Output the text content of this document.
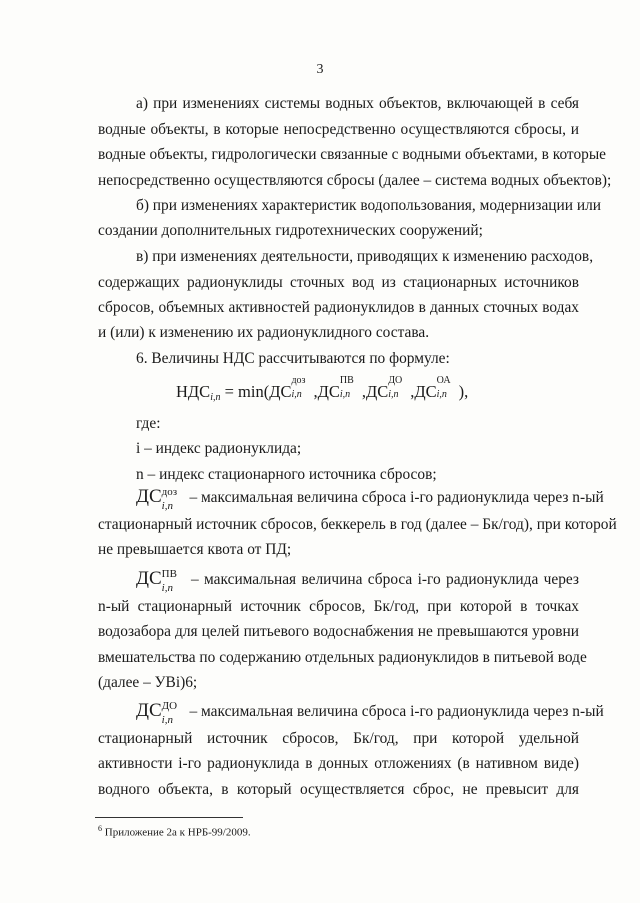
3
а) при изменениях системы водных объектов, включающей в себя
водные объекты, в которые непосредственно осуществляются сбросы, и
водные объекты, гидрологически связанные с водными объектами, в которые
непосредственно осуществляются сбросы (далее – система водных объектов);
б) при изменениях характеристик водопользования, модернизации или
создании дополнительных гидротехнических сооружений;
в) при изменениях деятельности, приводящих к изменению расходов,
содержащих радионуклиды сточных вод из стационарных источников
сбросов, объемных активностей радионуклидов в данных сточных водах
и (или) к изменению их радионуклидного состава.
6. Величины НДС рассчитываются по формуле:
$НДС_{i,n} = \min(ДС$
доз
i,n ,ДС
ПВ
i,n ,ДС
ДО
i,n ,ДС
ОА
i,n ),
где:
i – индекс радионуклида;
n – индекс стационарного источника сбросов;
ДС доз
i,n – максимальная величина сброса i-го радионуклида через n-ый
стационарный источник сбросов, беккерель в год (далее – Бк/год), при которой
не превышается квота от ПД;
ДС ПВ
i,n – максимальная величина сброса i-го радионуклида через
n-ый стационарный источник сбросов, Бк/год, при которой в точках
водозабора для целей питьевого водоснабжения не превышаются уровни
вмешательства по содержанию отдельных радионуклидов в питьевой воде
(далее – УВi)6;
ДС ДО
i,n – максимальная величина сброса i-го радионуклида через n-ый
стационарный источник сбросов, Бк/год, при которой удельной
активности i-го радионуклида в донных отложениях (в нативном виде)
водного объекта, в который осуществляется сброс, не превысит для
$^6$ Приложение 2а к НРБ-99/2009.
